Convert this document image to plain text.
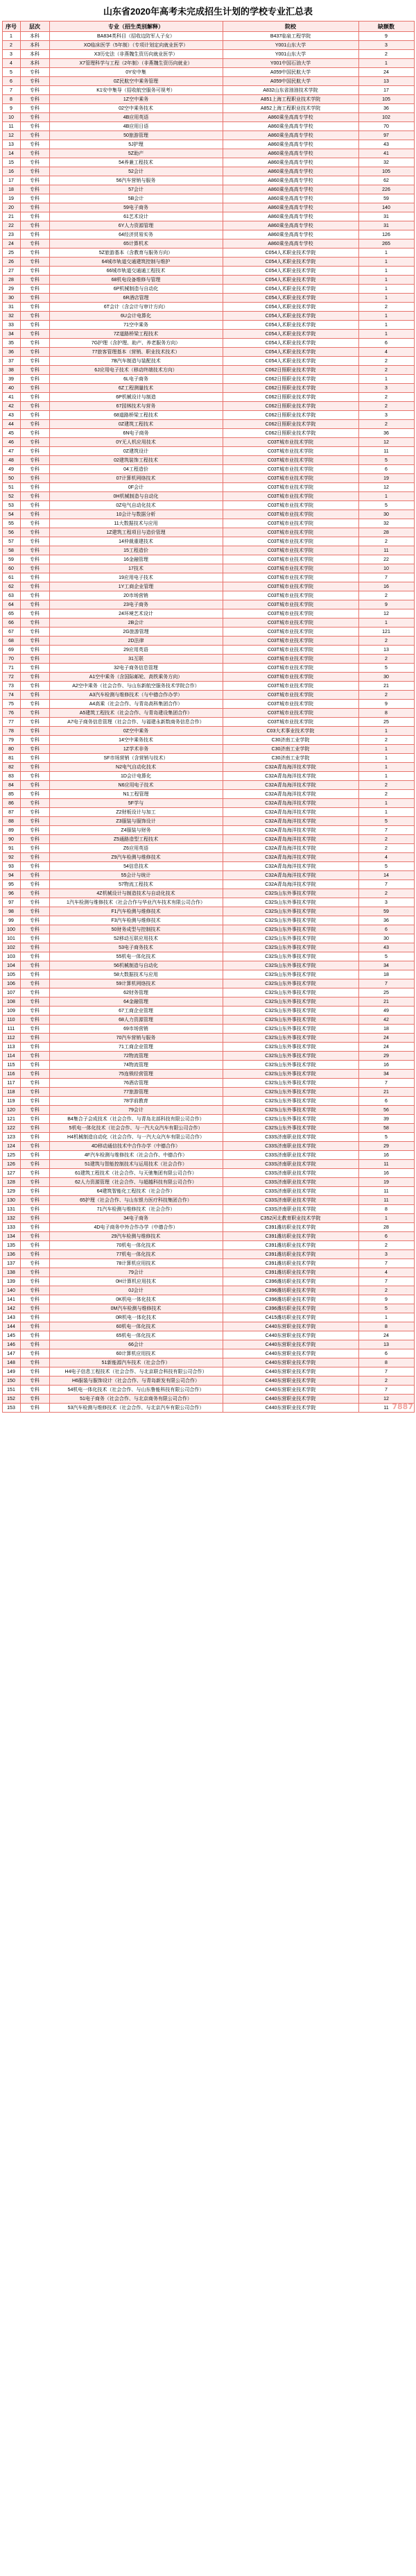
山东省2020年高考未完成招生计划的学校专业汇总表
序号	层次	专业（招生类别解释）	院校	缺额数
1	本科	BA834类科目（招收边防军人子女）	B437临泉工程学院	9
2	本科	XO临床医学（5年制）（专项计划定向就业医学）	Y001山东大学	3
3	本科	X3历史法（非燕魏生资历向就业医学）	Y001山东大学	2
4	本科	X7管理科学与工程（2年制）（非燕魏生资历向就业）	Y001中国石油大学	1
5	专科	0Y安中集	A059中国民航大学	24
6	专科	0Z民航空中乘务管理	A059中国民航大学	13
7	专科	K1安中集导（招收航空服务可视考）	A832山东省油油技术学院	17
8	专科	1Z空中乘务	A851上海工程职业技术学院	105
9	专科	02空中乘务技术	A852上海工程职业技术学院	36
10	专科	4B应用英语	A860乘坐高高专学校	102
11	专科	4B应用日语	A860乘坐高高专学校	70
12	专科	50旅游管理	A860乘坐高高专学校	97
13	专科	5J护理	A860乘坐高高专学校	43
14	专科	5Z助产	A860乘坐高高专学校	41
15	专科	54养兼工程技术	A860乘坐高高专学校	32
16	专科	52会计	A860乘坐高高专学校	105
17	专科	56汽车营销与服务	A860乘坐高高专学校	62
18	专科	57会计	A860乘坐高高专学校	226
19	专科	5B会计	A860乘坐高高专学校	59
20	专科	59电子商务	A860乘坐高高专学校	140
21	专科	61艺术设计	A860乘坐高高专学校	31
22	专科	6Y人力资源管理	A860乘坐高高专学校	31
23	专科	64经济贸易实务	A860乘坐高高专学校	126
24	专科	65计算机术	A860乘坐高高专学校	265
25	专科	5Z旅游基本（含教育与服务方向）	C054人术职业技术学院	1
26	专科	64城市轨道交通建筑控制与维护	C054人术职业技术学院	1
27	专科	66城市轨道交通通工程技术	C054人术职业技术学院	1
28	专科	68机电设备维修与管理	C054人术职业技术学院	1
29	专科	6P机械制造与自动化	C054人术职业技术学院	1
30	专科	6R酒店管理	C054人术职业技术学院	1
31	专科	6T会计（含会计与审计方向）	C054人术职业技术学院	2
32	专科	6U会计电算化	C054人术职业技术学院	1
33	专科	71空中乘务	C054人术职业技术学院	1
34	专科	7Z道路桥梁工程技术	C054人术职业技术学院	1
35	专科	7G护理（含护理、助产、养老服务方向）	C054人术职业技术学院	6
36	专科	77旅客管理基本（营销、职业技术技术）	C054人术职业技术学院	4
37	专科	7B汽车制造与装配技术	C054人术职业技术学院	2
38	专科	6J应用电子技术（移动终端技术方向）	C062日照职业技术学院	2
39	专科	6L电子商务	C062日照职业技术学院	1
40	专科	6Z工程测量技术	C062日照职业技术学院	3
41	专科	6P机械设计与制造	C062日照职业技术学院	2
42	专科	67园林技术与营务	C062日照职业技术学院	2
43	专科	68道路桥梁工程技术	C062日照职业技术学院	3
44	专科	0Z建筑工程技术	C062日照职业技术学院	2
45	专科	6N电子商务	C062日照职业技术学院	36
46	专科	0Y无人机应用技术	C03T城市业技术学院	12
47	专科	0Z建筑设计	C03T城市业技术学院	11
48	专科	02建筑装饰工程技术	C03T城市业技术学院	5
49	专科	04工程造价	C03T城市业技术学院	6
50	专科	07计算机网络技术	C03T城市业技术学院	19
51	专科	0F会计	C03T城市业技术学院	12
52	专科	0H机械制造与自动化	C03T城市业技术学院	1
53	专科	0Z电气自动化技术	C03T城市业技术学院	5
54	专科	10会计与数据分析	C03T城市业技术学院	30
55	专科	11大数据技术与应用	C03T城市业技术学院	32
56	专科	1Z建筑工程项目与造价管理	C03T城市业技术学院	28
57	专科	14仲裁重建技术	C03T城市业技术学院	2
58	专科	15工程造价	C03T城市业技术学院	11
59	专科	16金融管理	C03T城市业技术学院	22
60	专科	17技术	C03T城市业技术学院	10
61	专科	19应用电子技术	C03T城市业技术学院	7
62	专科	1Y工商企业管理	C03T城市业技术学院	16
63	专科	20市场营销	C03T城市业技术学院	2
64	专科	23电子商务	C03T城市业技术学院	9
65	专科	24环境艺术设计	C03T城市业技术学院	12
66	专科	2B会计	C03T城市业技术学院	1
67	专科	2G旅游管理	C03T城市业技术学院	121
68	专科	2D法律	C03T城市业技术学院	2
69	专科	29应用英语	C03T城市业技术学院	13
70	专科	31互联	C03T城市业技术学院	2
71	专科	32电子商务信息管理	C03T城市业技术学院	5
72	专科	A1空中乘务（含国际邮轮、高铁乘务方向）	C03T城市业技术学院	30
73	专科	A2空中乘务（社会合作、与山东新航空服务技术学院合作）	C03T城市业技术学院	21
74	专科	A3汽车检测与维修技术（与中德合作办学）	C03T城市业技术学院	2
75	专科	A4高乘（社会合作、与青岛高科集团合作）	C03T城市业技术学院	9
76	专科	A5建筑工程技术（社会合作、与青岛建设集团合作）	C03T城市业技术学院	8
77	专科	A7电子商务信息管理（社会合作、与福建永新数商务信息合作）	C03T城市业技术学院	25
78	专科	0Z空中乘务	C03大术事业技术学院	1
79	专科	14空中乘务技术	C30济南工业学院	2
80	专科	1Z学术非务	C30济南工业学院	1
81	专科	SF市场营销（含营销与技术）	C30济南工业学院	1
82	专科	N2电气自动化技术	C32A青岛海洋技术学院	1
83	专科	1D会计电算化	C32A青岛海洋技术学院	1
84	专科	N6应用电子技术	C32A青岛海洋技术学院	2
85	专科	N1工程管理	C32A青岛海洋技术学院	2
86	专科	5F学与	C32A青岛海洋技术学院	1
87	专科	Z2财板设计与加工	C32A青岛海洋技术学院	1
88	专科	Z3服装与服饰设计	C32A青岛海洋技术学院	5
89	专科	Z4服装与财务	C32A青岛海洋技术学院	7
90	专科	Z5通路造型工程技术	C32A青岛海洋技术学院	2
91	专科	Z6应用英语	C32A青岛海洋技术学院	2
92	专科	Z9汽车检测与维修技术	C32A青岛海洋技术学院	4
93	专科	54信息技术	C32A青岛海洋技术学院	5
94	专科	55会计与统计	C32A青岛海洋技术学院	14
95	专科	57物流工程技术	C32A青岛海洋技术学院	7
96	专科	4Z机械设计与制造技术与自动化技术	C32S山东外事技术学院	2
97	专科	1汽车检测与维修技术（社会合作与华业汽车技术有限公司合作）	C32S山东外事技术学院	3
98	专科	F1汽车检测与维修技术	C32S山东外事技术学院	59
99	专科	F3汽车检测与维修技术	C32S山东外事技术学院	36
100	专科	50财务成型与控制技术	C32S山东外事技术学院	6
101	专科	52移动互联应用技术	C32S山东外事技术学院	30
102	专科	53电子商务技术	C32S山东外事技术学院	43
103	专科	55机电一体化技术	C32S山东外事技术学院	5
104	专科	56机械制造与自动化	C32S山东外事技术学院	34
105	专科	58大数据技术与应用	C32S山东外事技术学院	18
106	专科	59计算机网络技术	C32S山东外事技术学院	7
107	专科	62财务管理	C32S山东外事技术学院	25
108	专科	64金融管理	C32S山东外事技术学院	21
109	专科	67工商企业管理	C32S山东外事技术学院	49
110	专科	68人力资源管理	C32S山东外事技术学院	42
111	专科	69市场营销	C32S山东外事技术学院	18
112	专科	70汽车营销与服务	C32S山东外事技术学院	24
113	专科	71工商企业管理	C32S山东外事技术学院	24
114	专科	72物流管理	C32S山东外事技术学院	29
115	专科	74物流管理	C32S山东外事技术学院	16
116	专科	75连锁经营管理	C32S山东外事技术学院	34
117	专科	76酒店管理	C32S山东外事技术学院	7
118	专科	77旅游管理	C32S山东外事技术学院	21
119	专科	78学前教育	C32S山东外事技术学院	6
120	专科	79会计	C32S山东外事技术学院	56
121	专科	B4集合子会成技术（社会合作、与青岛北部科技有限公司合作）	C32S山东外事技术学院	39
122	专科	5机电一体化技术（社会合作、与一汽大众汽车有限公司合作）	C32S山东外事技术学院	58
123	专科	H4机械制造自动化（社会合作、与一汽大众汽车有限公司合作）	C33S济南职业技术学院	5
124	专科	4D移动通信技术中合作办学（中德合作）	C33S济南职业技术学院	29
125	专科	4F汽车检测与维修技术（社会合作、中德合作）	C33S济南职业技术学院	16
126	专科	51建筑与智能控制技术与运用技术（社会合作）	C33S济南职业技术学院	11
127	专科	61建筑工程技术（社会合作、与天驰集团有限公司合作）	C33S济南职业技术学院	16
128	专科	62人力资源管理（社会合作、与超越科技有限公司合作）	C33S济南职业技术学院	19
129	专科	64建筑智能化工程技术（社会合作）	C33S济南职业技术学院	11
130	专科	65护理（社会合作、与山东银力医疗科技集团合作）	C33S济南职业技术学院	11
131	专科	71汽车检测与维修技术（社会合作）	C33S济南职业技术学院	8
132	专科	34电子商务	C352河北教育职业技术学院	1
133	专科	4D电子商务中外合作办学（中德合作）	C391潍坊职业技术学院	28
134	专科	29汽车检测与维修技术	C391潍坊职业技术学院	6
135	专科	70机电一体化技术	C391潍坊职业技术学院	2
136	专科	77机电一体化技术	C391潍坊职业技术学院	3
137	专科	78计算机应用技术	C391潍坊职业技术学院	7
138	专科	79会计	C391潍坊职业技术学院	4
139	专科	0H计算机应用技术	C396潍坊职业技术学院	7
140	专科	0J会计	C396潍坊职业技术学院	2
141	专科	0K机电一体化技术	C396潍坊职业技术学院	9
142	专科	0M汽车检测与维修技术	C396潍坊职业技术学院	5
143	专科	0R机电一体化技术	C415潍坊职业技术学院	1
144	专科	60机电一体化技术	C440东营职业技术学院	8
145	专科	65机电一体化技术	C440东营职业技术学院	24
146	专科	66会计	C440东营职业技术学院	13
147	专科	60计算机应用技术	C440东营职业技术学院	6
148	专科	51新能源汽车技术（社会合作）	C440东营职业技术学院	8
149	专科	H4电子信息工程技术（社会合作、与北京联合科技有限公司合作）	C440东营职业技术学院	7
150	专科	H6服装与服饰设计（社会合作、与青岛新发有限公司合作）	C440东营职业技术学院	2
151	专科	54机电一体化技术（社会合作、与山东鲁能科技有限公司合作）	C440东营职业技术学院	7
152	专科	51电子商务（社会合作、与北京商务有限公司合作）	C440东营职业技术学院	12
153	专科	53汽车检测与维修技术（社会合作、与北京汽车有限公司合作）	C440东营职业技术学院	11 7887
